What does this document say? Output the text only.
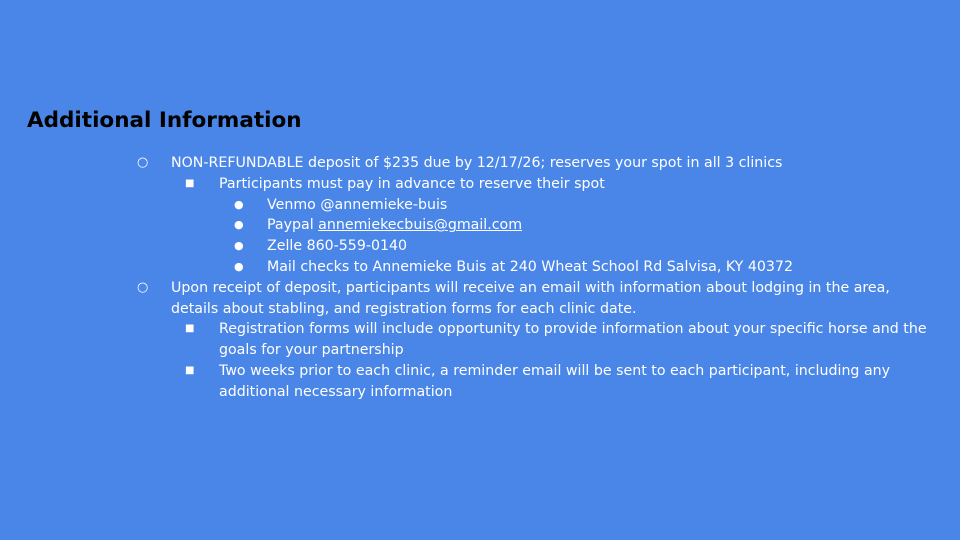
Additional Information
○ NON-REFUNDABLE deposit of $235 due by 12/17/26; reserves your spot in all 3 clinics
■ Participants must pay in advance to reserve their spot
● Venmo @annemieke-buis
● Paypal annemiekecbuis@gmail.com
● Zelle 860-559-0140
● Mail checks to Annemieke Buis at 240 Wheat School Rd Salvisa, KY 40372
○ Upon receipt of deposit, participants will receive an email with information about lodging in the area, details about stabling, and registration forms for each clinic date.
■ Registration forms will include opportunity to provide information about your specific horse and the goals for your partnership
■ Two weeks prior to each clinic, a reminder email will be sent to each participant, including any additional necessary information
